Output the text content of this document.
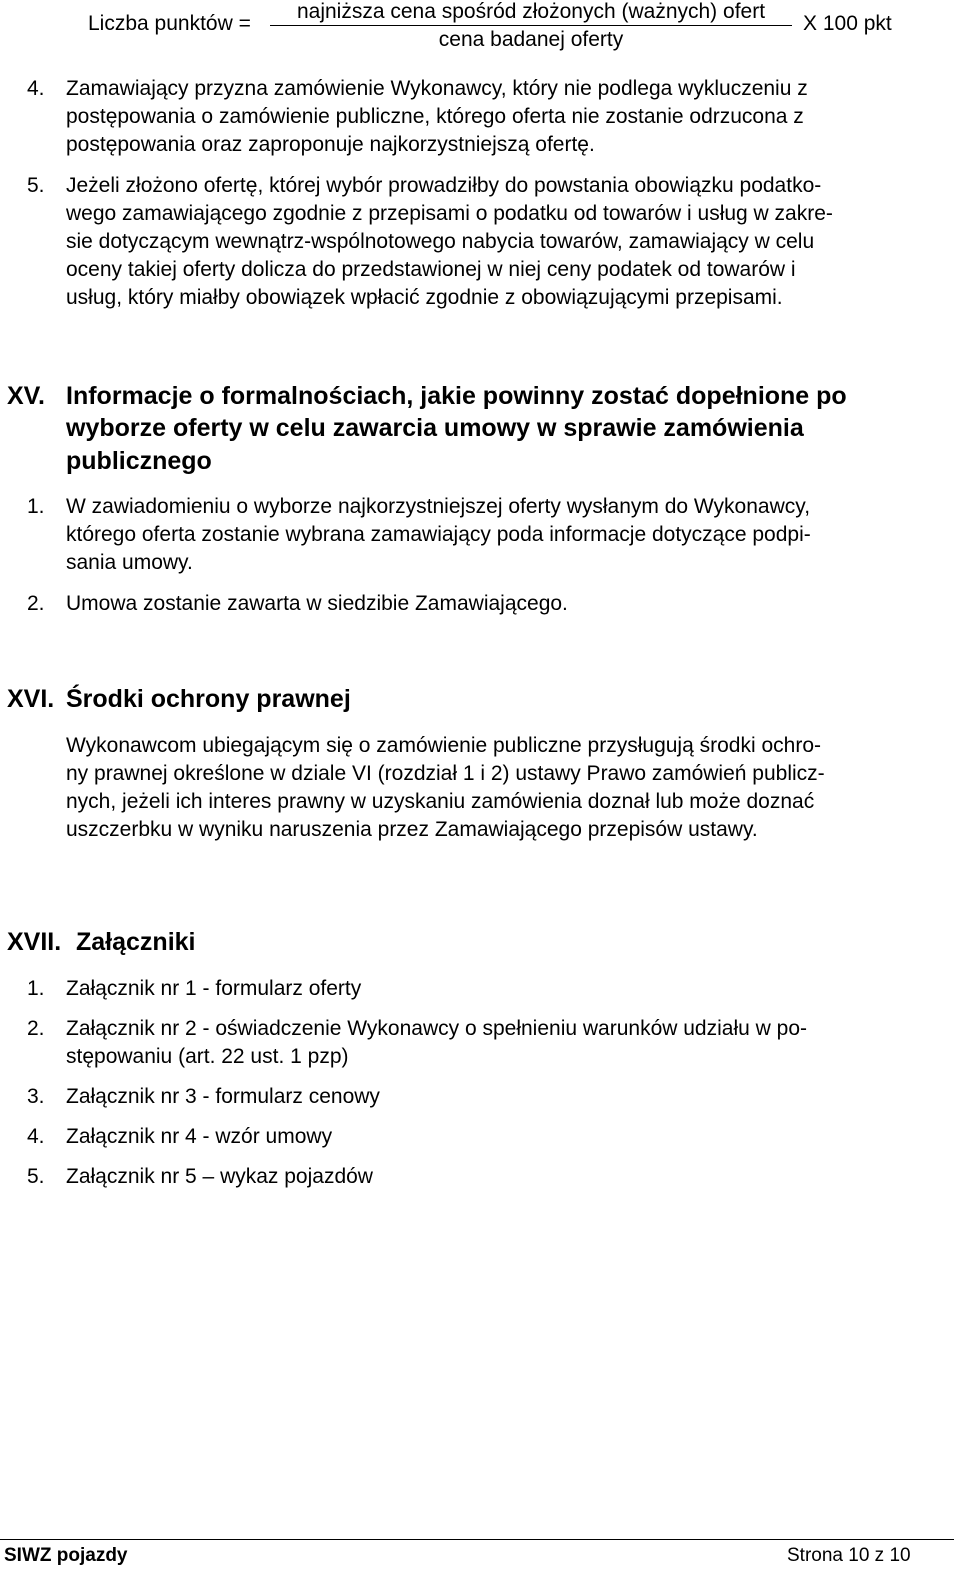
Liczba punktów =
najniższa cena spośród złożonych (ważnych) ofert
cena badanej oferty
X 100 pkt
4. Zamawiający przyzna zamówienie Wykonawcy, który nie podlega wykluczeniu z
postępowania o zamówienie publiczne, którego oferta nie zostanie odrzucona z
postępowania oraz zaproponuje najkorzystniejszą ofertę.
5. Jeżeli złożono ofertę, której wybór prowadziłby do powstania obowiązku podatko-
wego zamawiającego zgodnie z przepisami o podatku od towarów i usług w zakre-
sie dotyczącym wewnątrz-wspólnotowego nabycia towarów, zamawiający w celu
oceny takiej oferty dolicza do przedstawionej w niej ceny podatek od towarów i
usług, który miałby obowiązek wpłacić zgodnie z obowiązującymi przepisami.
XV. Informacje o formalnościach, jakie powinny zostać dopełnione po
wyborze oferty w celu zawarcia umowy w sprawie zamówienia
publicznego
1. W zawiadomieniu o wyborze najkorzystniejszej oferty wysłanym do Wykonawcy,
którego oferta zostanie wybrana zamawiający poda informacje dotyczące podpi-
sania umowy.
2. Umowa zostanie zawarta w siedzibie Zamawiającego.
XVI. Środki ochrony prawnej
Wykonawcom ubiegającym się o zamówienie publiczne przysługują środki ochro-
ny prawnej określone w dziale VI (rozdział 1 i 2) ustawy Prawo zamówień publicz-
nych, jeżeli ich interes prawny w uzyskaniu zamówienia doznał lub może doznać
uszczerbku w wyniku naruszenia przez Zamawiającego przepisów ustawy.
XVII. Załączniki
1. Załącznik nr 1 - formularz oferty
2. Załącznik nr 2 - oświadczenie Wykonawcy o spełnieniu warunków udziału w po-
stępowaniu (art. 22 ust. 1 pzp)
3. Załącznik nr 3 - formularz cenowy
4. Załącznik nr 4 - wzór umowy
5. Załącznik nr 5 – wykaz pojazdów
SIWZ pojazdy	Strona 10 z 10
